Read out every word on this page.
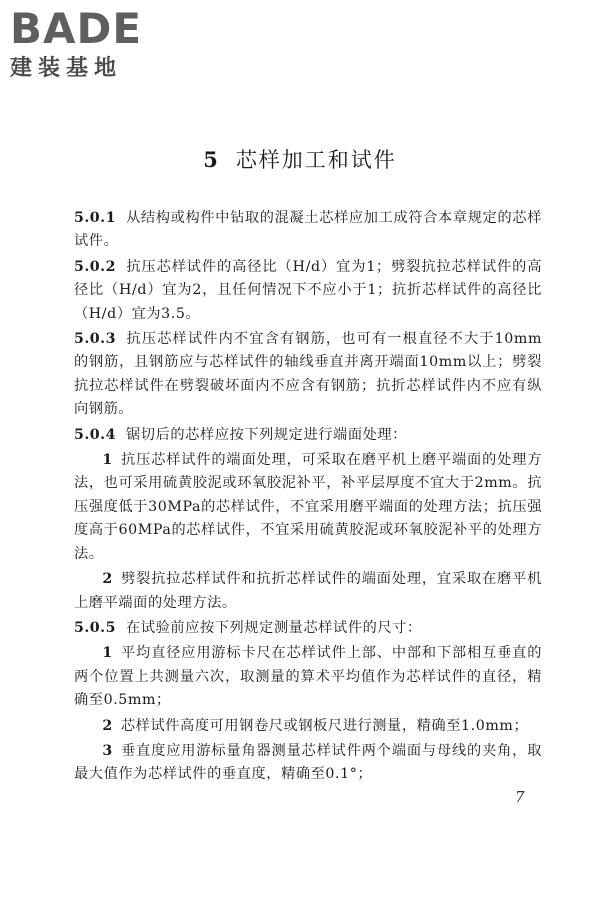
BADE
建装基地
5 芯样加工和试件

5.0.1 从结构或构件中钻取的混凝土芯样应加工成符合本章规定的芯样试件。

5.0.2 抗压芯样试件的高径比（H/d）宜为1；劈裂抗拉芯样试件的高径比（H/d）宜为2，且任何情况下不应小于1；抗折芯样试件的高径比（H/d）宜为3.5。

5.0.3 抗压芯样试件内不宜含有钢筋，也可有一根直径不大于10mm的钢筋，且钢筋应与芯样试件的轴线垂直并离开端面10mm以上；劈裂抗拉芯样试件在劈裂破坏面内不应含有钢筋；抗折芯样试件内不应有纵向钢筋。

5.0.4 锯切后的芯样应按下列规定进行端面处理：

1 抗压芯样试件的端面处理，可采取在磨平机上磨平端面的处理方法，也可采用硫黄胶泥或环氧胶泥补平，补平层厚度不宜大于2mm。抗压强度低于30MPa的芯样试件，不宜采用磨平端面的处理方法；抗压强度高于60MPa的芯样试件，不宜采用硫黄胶泥或环氧胶泥补平的处理方法。

2 劈裂抗拉芯样试件和抗折芯样试件的端面处理，宜采取在磨平机上磨平端面的处理方法。

5.0.5 在试验前应按下列规定测量芯样试件的尺寸：

1 平均直径应用游标卡尺在芯样试件上部、中部和下部相互垂直的两个位置上共测量六次，取测量的算术平均值作为芯样试件的直径，精确至0.5mm；

2 芯样试件高度可用钢卷尺或钢板尺进行测量，精确至1.0mm；

3 垂直度应用游标量角器测量芯样试件两个端面与母线的夹角，取最大值作为芯样试件的垂直度，精确至0.1°；

7
